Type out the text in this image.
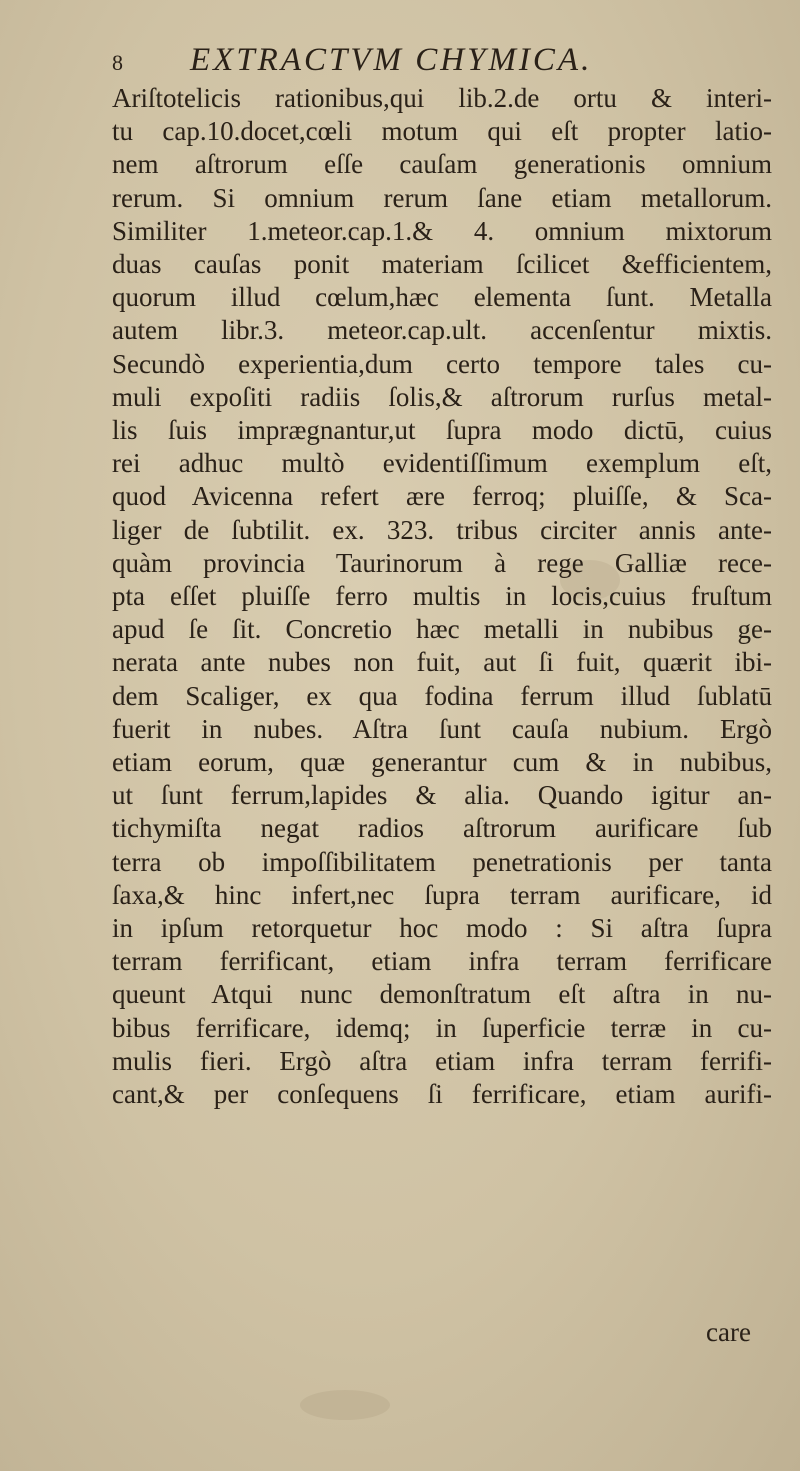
8 EXTRACTVM CHYMICA.
Ariſtotelicis rationibus,qui lib.2.de ortu & interi-
tu cap.10.docet,cœli motum qui eſt propter latio-
nem aſtrorum eſſe cauſam generationis omnium
rerum. Si omnium rerum ſane etiam metallorum.
Similiter 1.meteor.cap.1.& 4. omnium mixtorum
duas cauſas ponit materiam ſcilicet &efficientem,
quorum illud cœlum,hæc elementa ſunt. Metalla
autem libr.3. meteor.cap.ult. accenſentur mixtis.
Secundò experientia,dum certo tempore tales cu-
muli expoſiti radiis ſolis,& aſtrorum rurſus metal-
lis ſuis imprægnantur,ut ſupra modo dictū, cuius
rei adhuc multò evidentiſſimum exemplum eſt,
quod Avicenna refert ære ferroq; pluiſſe, & Sca-
liger de ſubtilit. ex. 323. tribus circiter annis ante-
quàm provincia Taurinorum à rege Galliæ rece-
pta eſſet pluiſſe ferro multis in locis,cuius fruſtum
apud ſe ſit. Concretio hæc metalli in nubibus ge-
nerata ante nubes non fuit, aut ſi fuit, quærit ibi-
dem Scaliger, ex qua fodina ferrum illud ſublatū
fuerit in nubes. Aſtra ſunt cauſa nubium. Ergò
etiam eorum, quæ generantur cum & in nubibus,
ut ſunt ferrum,lapides & alia. Quando igitur an-
tichymiſta negat radios aſtrorum aurificare ſub
terra ob impoſſibilitatem penetrationis per tanta
ſaxa,& hinc infert,nec ſupra terram aurificare, id
in ipſum retorquetur hoc modo : Si aſtra ſupra
terram ferrificant, etiam infra terram ferrificare
queunt Atqui nunc demonſtratum eſt aſtra in nu-
bibus ferrificare, idemq; in ſuperficie terræ in cu-
mulis fieri. Ergò aſtra etiam infra terram ferrifi-
cant,& per conſequens ſi ferrificare, etiam aurifi-
care
